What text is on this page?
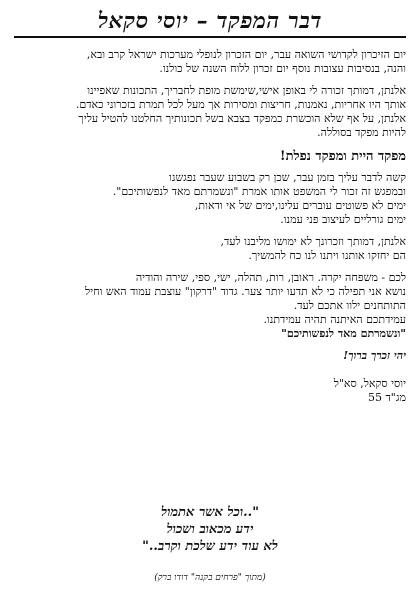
דבר המפקד – יוסי סקאל
יום הזיכרון לקדושי השואה עבר, יום הזכרון לנופלי מערכות ישראל קרב ובא,
והנה, בנסיבות עצובות נוסף יום זכרון ללוח השנה של כולנו.
אלנתן, דמותך זכורה לי באופן אישי,שימשת מופת לחבריך, התכונות שאפיינו
אותך היו אחריות, נאמנות, חריצות ומסירות אך מעל לכל תמרת בזכרוני כאדם.
אלנתן, על אף שלא הוכשרת כמפקד בצבא בשל תכונותיך החלטנו להטיל עליך
להיות מפקד בסוללה.
מפקד היית ומפקד נפלת!
קשה לדבר עליך בזמן עבר, שכן רק בשבוע שעבר נפגשנו
ובמפגש זה זכור לי המשפט אותו אמרת "ונשמרתם מאד לנפשותיכם".
ימים לא פשוטים עוברים עלינו,ימים של אי ודאות,
ימים גורליים לעיצוב פני עמנו.
אלנתן, דמותך וזכרונך לא ימושו מליבנו לעד,
הם יחזקו אותנו ויתנו לנו כח להמשיך.
לכם - משפחה יקרה. ראובן, רות, תהלה, ישי, ספי, שירה והודיה
נושא אני תפילה כי לא תדעו יותר צער. גדוד "דרקון" עוצבת עמוד האש וחיל
התותחנים ילוו אתכם לעד.
עמידתכם האיתנה תהיה עמידתנו.
"ונשמרתם מאד לנפשותיכם"
יהי זכרך ברוך!
יוסי סקאל, סא"ל
מג"ד 55
"..וכל אשר אתמול
ידע מכאוב ושכול
לא עוד ידע שלכת וקרב.."
(מתוך "פרחים בקנה" דודו ברק)
